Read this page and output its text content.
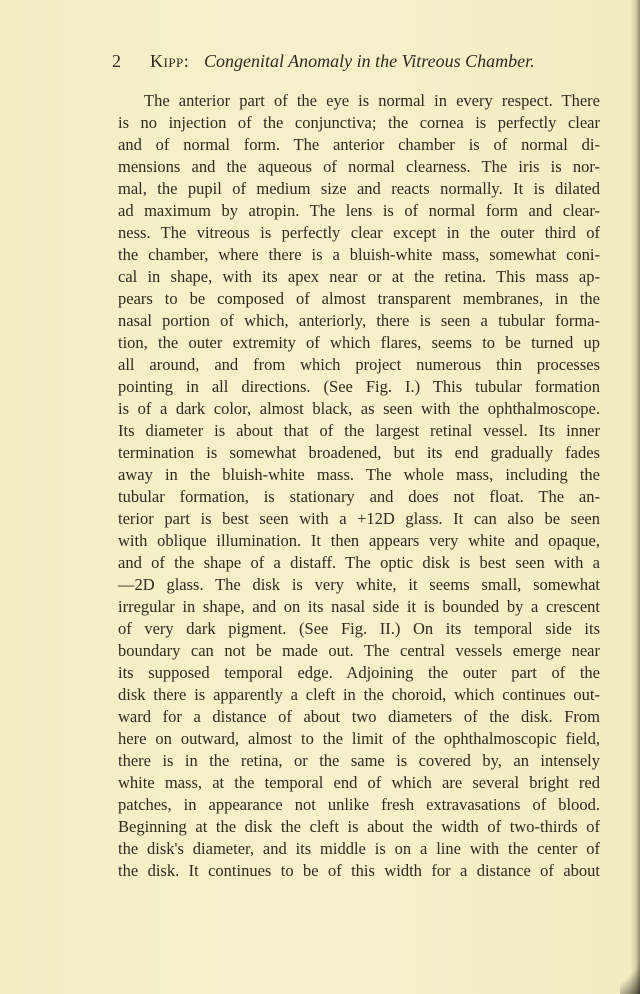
2 Kipp: Congenital Anomaly in the Vitreous Chamber.
The anterior part of the eye is normal in every respect. There
is no injection of the conjunctiva; the cornea is perfectly clear
and of normal form. The anterior chamber is of normal di-
mensions and the aqueous of normal clearness. The iris is nor-
mal, the pupil of medium size and reacts normally. It is dilated
ad maximum by atropin. The lens is of normal form and clear-
ness. The vitreous is perfectly clear except in the outer third of
the chamber, where there is a bluish-white mass, somewhat coni-
cal in shape, with its apex near or at the retina. This mass ap-
pears to be composed of almost transparent membranes, in the
nasal portion of which, anteriorly, there is seen a tubular forma-
tion, the outer extremity of which flares, seems to be turned up
all around, and from which project numerous thin processes
pointing in all directions. (See Fig. I.) This tubular formation
is of a dark color, almost black, as seen with the ophthalmoscope.
Its diameter is about that of the largest retinal vessel. Its inner
termination is somewhat broadened, but its end gradually fades
away in the bluish-white mass. The whole mass, including the
tubular formation, is stationary and does not float. The an-
terior part is best seen with a +12D glass. It can also be seen
with oblique illumination. It then appears very white and opaque,
and of the shape of a distaff. The optic disk is best seen with a
—2D glass. The disk is very white, it seems small, somewhat
irregular in shape, and on its nasal side it is bounded by a crescent
of very dark pigment. (See Fig. II.) On its temporal side its
boundary can not be made out. The central vessels emerge near
its supposed temporal edge. Adjoining the outer part of the
disk there is apparently a cleft in the choroid, which continues out-
ward for a distance of about two diameters of the disk. From
here on outward, almost to the limit of the ophthalmoscopic field,
there is in the retina, or the same is covered by, an intensely
white mass, at the temporal end of which are several bright red
patches, in appearance not unlike fresh extravasations of blood.
Beginning at the disk the cleft is about the width of two-thirds of
the disk's diameter, and its middle is on a line with the center of
the disk. It continues to be of this width for a distance of about
